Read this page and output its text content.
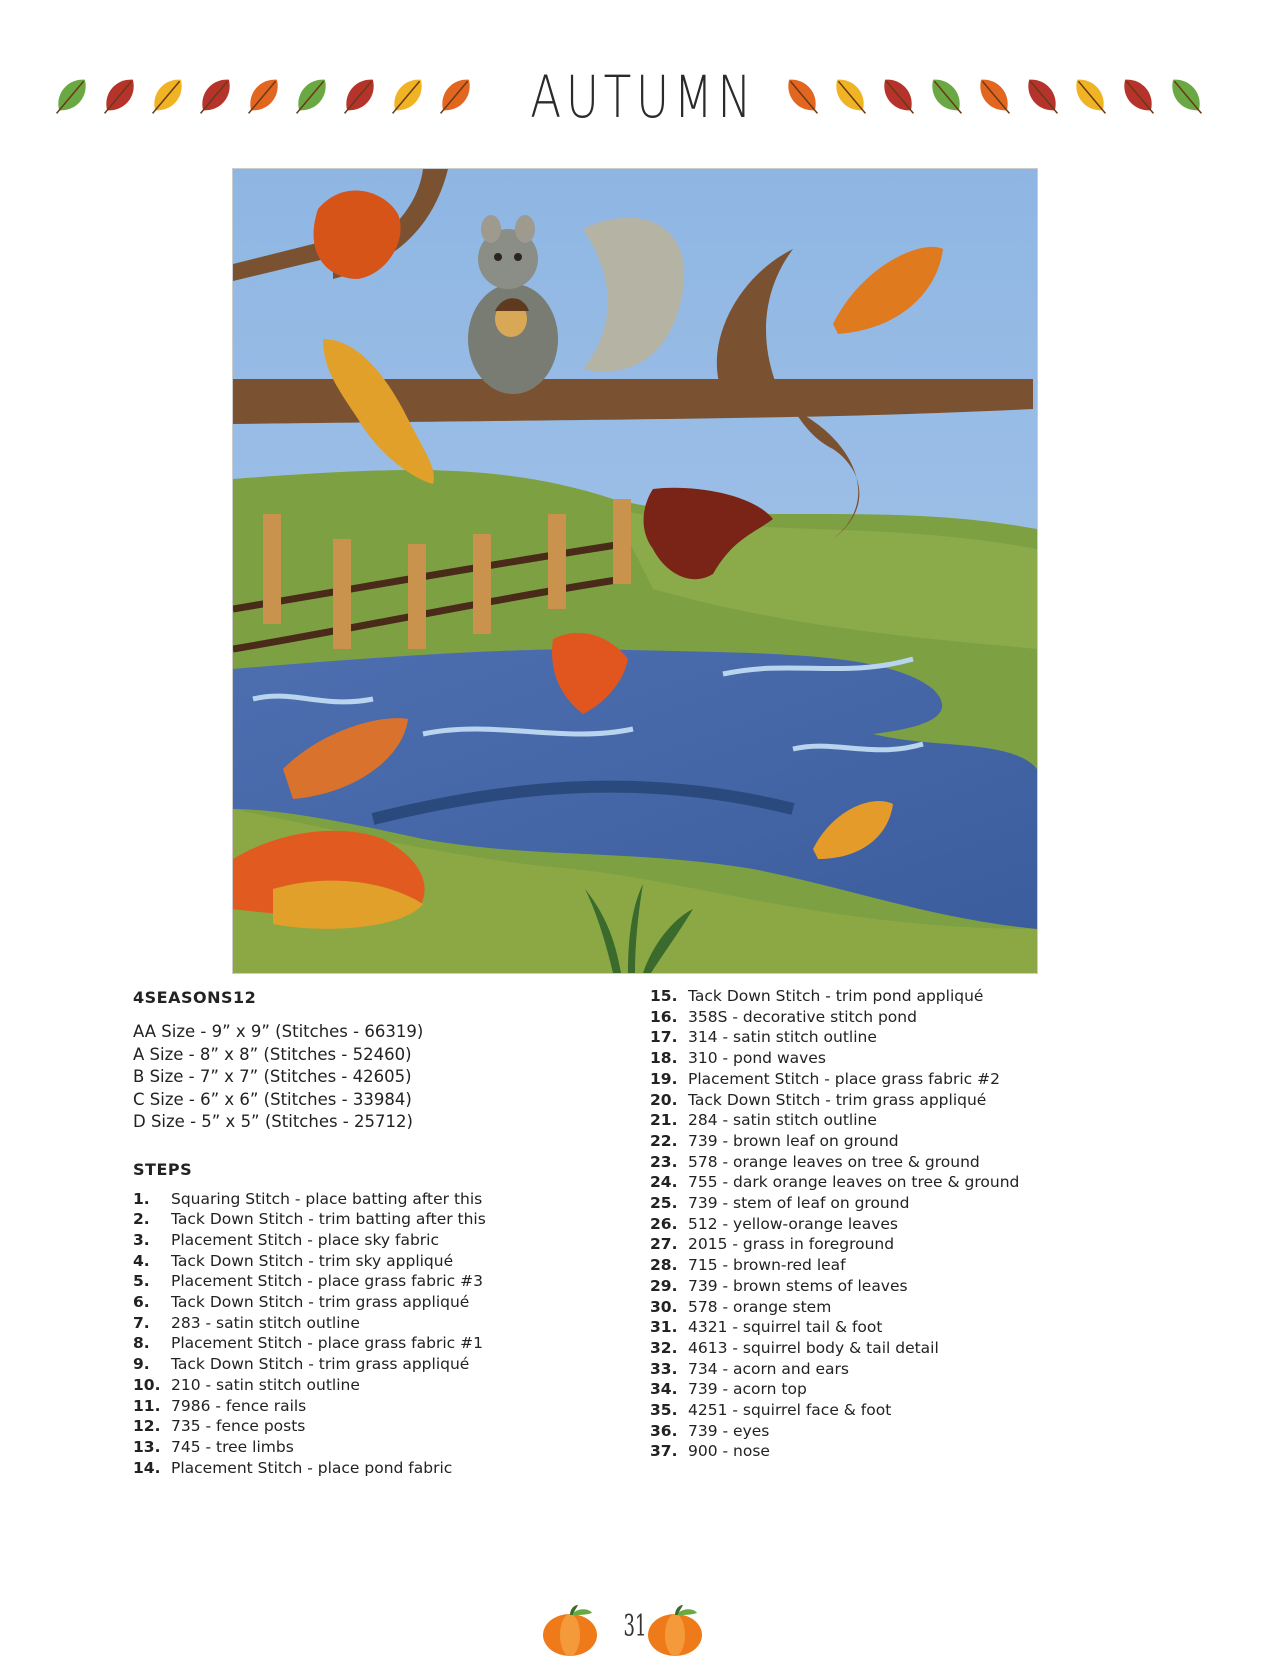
AUTUMN
4SEASONS12
AA Size - 9” x 9” (Stitches - 66319)
A Size - 8” x 8” (Stitches - 52460)
B Size - 7” x 7” (Stitches - 42605)
C Size - 6” x 6” (Stitches - 33984)
D Size - 5” x 5” (Stitches - 25712)
STEPS
1. Squaring Stitch - place batting after this
2. Tack Down Stitch - trim batting after this
3. Placement Stitch - place sky fabric
4. Tack Down Stitch - trim sky appliqué
5. Placement Stitch - place grass fabric #3
6. Tack Down Stitch - trim grass appliqué
7. 283 - satin stitch outline
8. Placement Stitch - place grass fabric #1
9. Tack Down Stitch - trim grass appliqué
10. 210 - satin stitch outline
11. 7986 - fence rails
12. 735 - fence posts
13. 745 - tree limbs
14. Placement Stitch - place pond fabric
15. Tack Down Stitch - trim pond appliqué
16. 358S - decorative stitch pond
17. 314 - satin stitch outline
18. 310 - pond waves
19. Placement Stitch - place grass fabric #2
20. Tack Down Stitch - trim grass appliqué
21. 284 - satin stitch outline
22. 739 - brown leaf on ground
23. 578 - orange leaves on tree & ground
24. 755 - dark orange leaves on tree & ground
25. 739 - stem of leaf on ground
26. 512 - yellow-orange leaves
27. 2015 - grass in foreground
28. 715 - brown-red leaf
29. 739 - brown stems of leaves
30. 578 - orange stem
31. 4321 - squirrel tail & foot
32. 4613 - squirrel body & tail detail
33. 734 - acorn and ears
34. 739 - acorn top
35. 4251 - squirrel face & foot
36. 739 - eyes
37. 900 - nose
31
